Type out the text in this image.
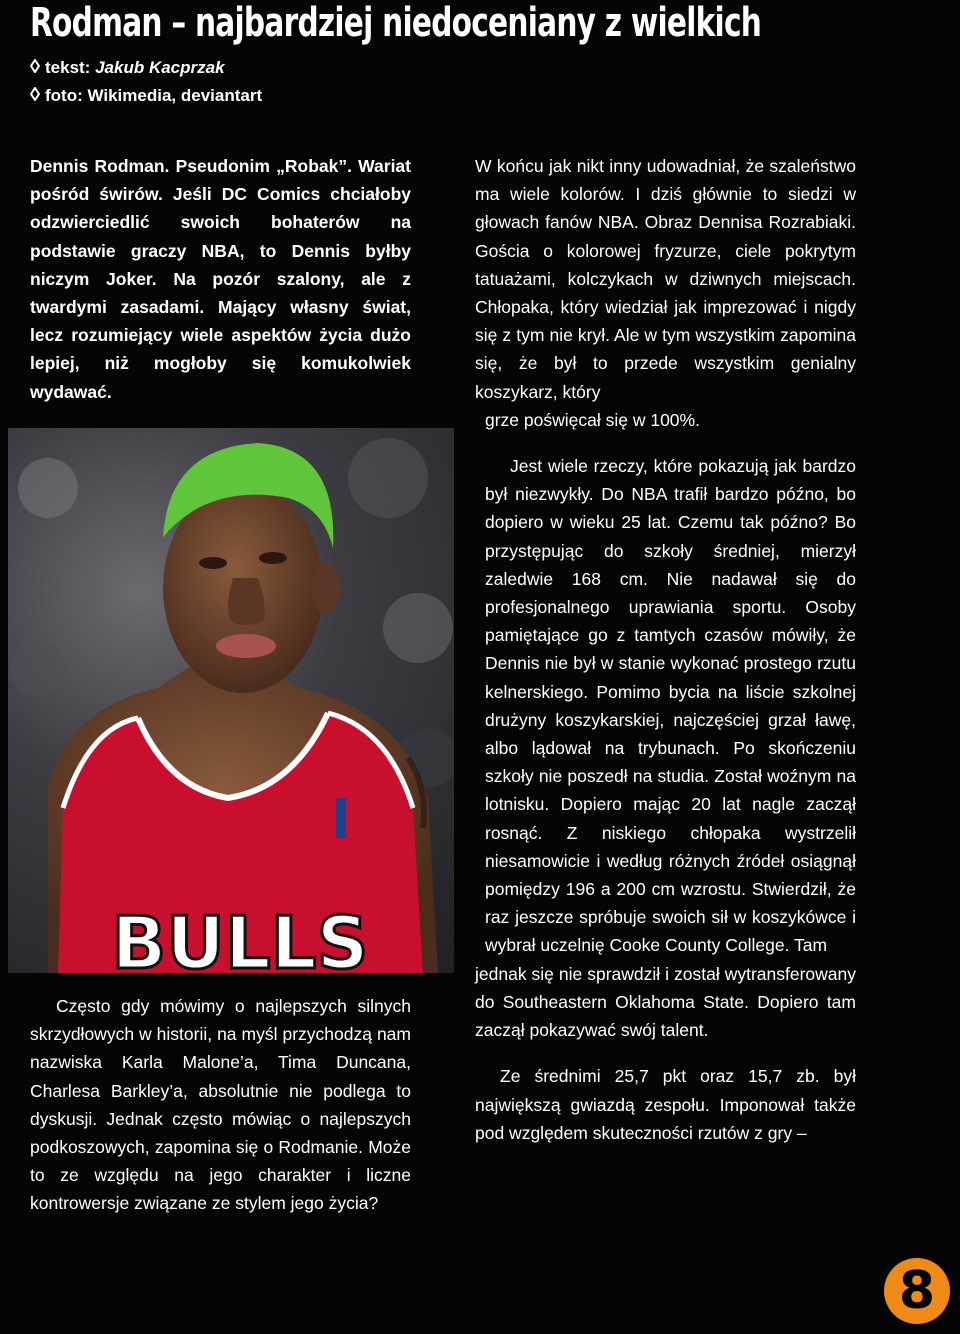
Rodman – najbardziej niedoceniany z wielkich
tekst: Jakub Kacprzak
foto: Wikimedia, deviantart

Dennis Rodman. Pseudonim „Robak”. Wariat pośród świrów. Jeśli DC Comics chciałoby odzwierciedlić swoich bohaterów na podstawie graczy NBA, to Dennis byłby niczym Joker. Na pozór szalony, ale z twardymi zasadami. Mający własny świat, lecz rozumiejący wiele aspektów życia dużo lepiej, niż mogłoby się komukolwiek wydawać.

BULLS

Często gdy mówimy o najlepszych silnych skrzydłowych w historii, na myśl przychodzą nam nazwiska Karla Malone’a, Tima Duncana, Charlesa Barkley’a, absolutnie nie podlega to dyskusji. Jednak często mówiąc o najlepszych podkoszowych, zapomina się o Rodmanie. Może to ze względu na jego charakter i liczne kontrowersje związane ze stylem jego życia?

W końcu jak nikt inny udowadniał, że szaleństwo ma wiele kolorów. I dziś głównie to siedzi w głowach fanów NBA. Obraz Dennisa Rozrabiaki. Gościa o kolorowej fryzurze, ciele pokrytym tatuażami, kolczykach w dziwnych miejscach. Chłopaka, który wiedział jak imprezować i nigdy się z tym nie krył. Ale w tym wszystkim zapomina się, że był to przede wszystkim genialny koszykarz, który

grze poświęcał się w 100%.

Jest wiele rzeczy, które pokazują jak bardzo był niezwykły. Do NBA trafił bardzo późno, bo dopiero w wieku 25 lat. Czemu tak późno? Bo przystępując do szkoły średniej, mierzył zaledwie 168 cm. Nie nadawał się do profesjonalnego uprawiania sportu. Osoby pamiętające go z tamtych czasów mówiły, że Dennis nie był w stanie wykonać prostego rzutu kelnerskiego. Pomimo bycia na liście szkolnej drużyny koszykarskiej, najczęściej grzał ławę, albo lądował na trybunach. Po skończeniu szkoły nie poszedł na studia. Został woźnym na lotnisku. Dopiero mając 20 lat nagle zaczął rosnąć. Z niskiego chłopaka wystrzelił niesamowicie i według różnych źródeł osiągnął pomiędzy 196 a 200 cm wzrostu. Stwierdził, że raz jeszcze spróbuje swoich sił w koszykówce i wybrał uczelnię Cooke County College. Tam

jednak się nie sprawdził i został wytransferowany do Southeastern Oklahoma State. Dopiero tam zaczął pokazywać swój talent.

Ze średnimi 25,7 pkt oraz 15,7 zb. był największą gwiazdą zespołu. Imponował także pod względem skuteczności rzutów z gry –

8
